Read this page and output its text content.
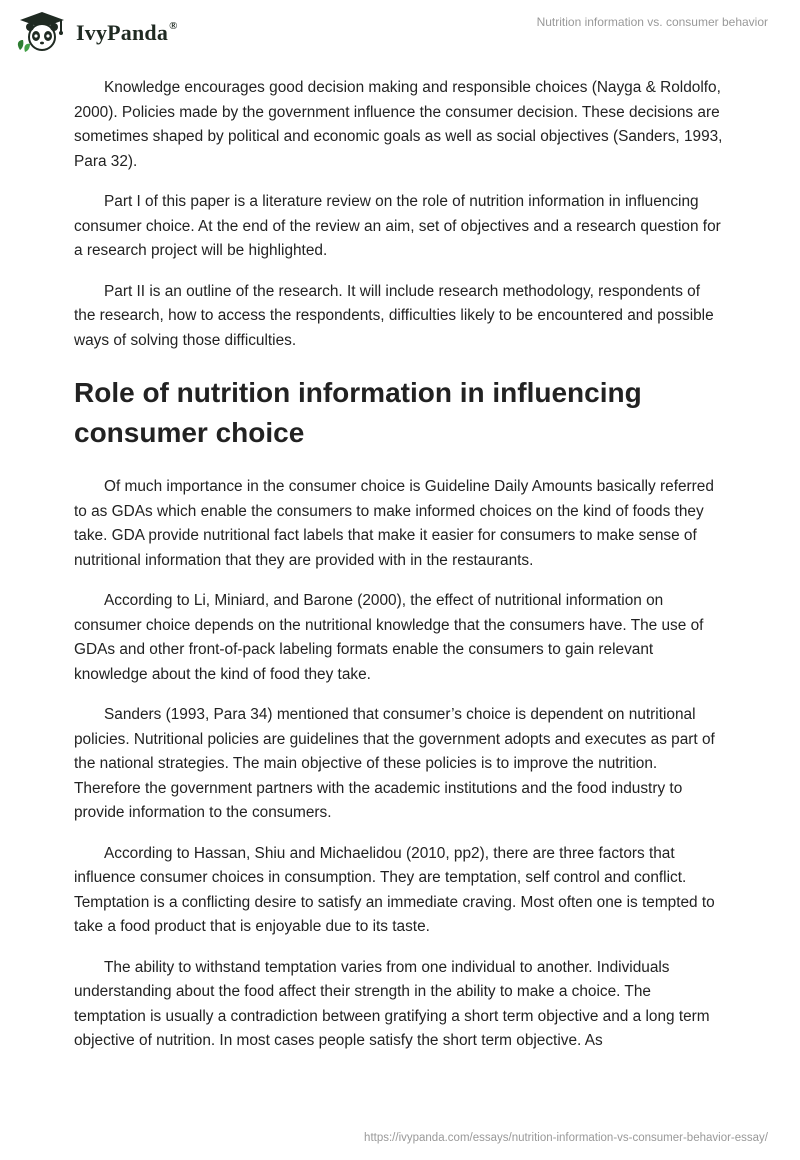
IvyPanda®	Nutrition information vs. consumer behavior

Knowledge encourages good decision making and responsible choices (Nayga & Roldolfo, 2000). Policies made by the government influence the consumer decision. These decisions are sometimes shaped by political and economic goals as well as social objectives (Sanders, 1993, Para 32).

Part I of this paper is a literature review on the role of nutrition information in influencing consumer choice. At the end of the review an aim, set of objectives and a research question for a research project will be highlighted.

Part II is an outline of the research. It will include research methodology, respondents of the research, how to access the respondents, difficulties likely to be encountered and possible ways of solving those difficulties.

Role of nutrition information in influencing consumer choice

Of much importance in the consumer choice is Guideline Daily Amounts basically referred to as GDAs which enable the consumers to make informed choices on the kind of foods they take. GDA provide nutritional fact labels that make it easier for consumers to make sense of nutritional information that they are provided with in the restaurants.

According to Li, Miniard, and Barone (2000), the effect of nutritional information on consumer choice depends on the nutritional knowledge that the consumers have. The use of GDAs and other front-of-pack labeling formats enable the consumers to gain relevant knowledge about the kind of food they take.

Sanders (1993, Para 34) mentioned that consumer’s choice is dependent on nutritional policies. Nutritional policies are guidelines that the government adopts and executes as part of the national strategies. The main objective of these policies is to improve the nutrition. Therefore the government partners with the academic institutions and the food industry to provide information to the consumers.

According to Hassan, Shiu and Michaelidou (2010, pp2), there are three factors that influence consumer choices in consumption. They are temptation, self control and conflict. Temptation is a conflicting desire to satisfy an immediate craving. Most often one is tempted to take a food product that is enjoyable due to its taste.

The ability to withstand temptation varies from one individual to another. Individuals understanding about the food affect their strength in the ability to make a choice. The temptation is usually a contradiction between gratifying a short term objective and a long term objective of nutrition. In most cases people satisfy the short term objective. As

https://ivypanda.com/essays/nutrition-information-vs-consumer-behavior-essay/
